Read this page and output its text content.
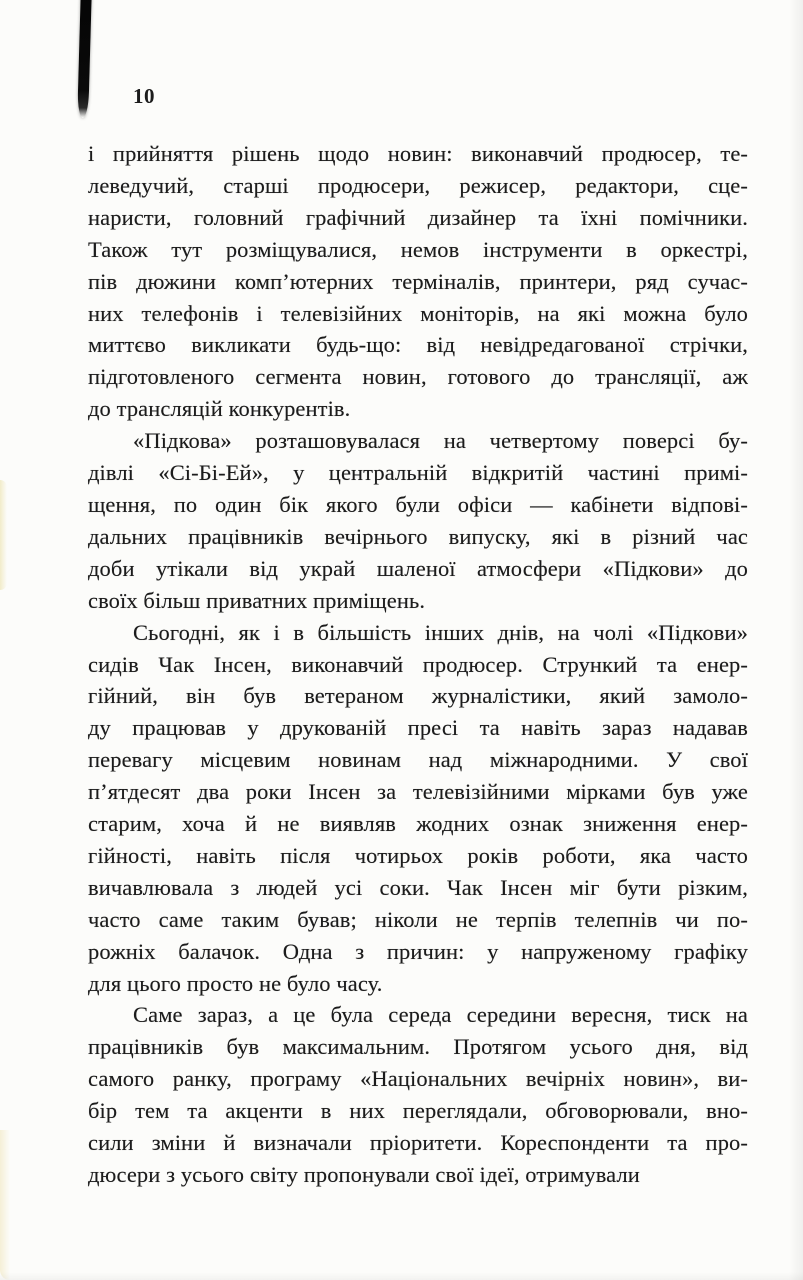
10
і прийняття рішень щодо новин: виконавчий продюсер, те-
леведучий, старші продюсери, режисер, редактори, сце-
наристи, головний графічний дизайнер та їхні помічники.
Також тут розміщувалися, немов інструменти в оркестрі,
пів дюжини комп’ютерних терміналів, принтери, ряд сучас-
них телефонів і телевізійних моніторів, на які можна було
миттєво викликати будь-що: від невідредагованої стрічки,
підготовленого сегмента новин, готового до трансляції, аж
до трансляцій конкурентів.
«Підкова» розташовувалася на четвертому поверсі бу-
дівлі «Сі-Бі-Ей», у центральній відкритій частині примі-
щення, по один бік якого були офіси — кабінети відпові-
дальних працівників вечірнього випуску, які в різний час
доби утікали від украй шаленої атмосфери «Підкови» до
своїх більш приватних приміщень.
Сьогодні, як і в більшість інших днів, на чолі «Підкови»
сидів Чак Інсен, виконавчий продюсер. Стрункий та енер-
гійний, він був ветераном журналістики, який замоло-
ду працював у друкованій пресі та навіть зараз надавав
перевагу місцевим новинам над міжнародними. У свої
п’ятдесят два роки Інсен за телевізійними мірками був уже
старим, хоча й не виявляв жодних ознак зниження енер-
гійності, навіть після чотирьох років роботи, яка часто
вичавлювала з людей усі соки. Чак Інсен міг бути різким,
часто саме таким бував; ніколи не терпів телепнів чи по-
рожніх балачок. Одна з причин: у напруженому графіку
для цього просто не було часу.
Саме зараз, а це була середа середини вересня, тиск на
працівників був максимальним. Протягом усього дня, від
самого ранку, програму «Національних вечірніх новин», ви-
бір тем та акценти в них переглядали, обговорювали, вно-
сили зміни й визначали пріоритети. Кореспонденти та про-
дюсери з усього світу пропонували свої ідеї, отримували
